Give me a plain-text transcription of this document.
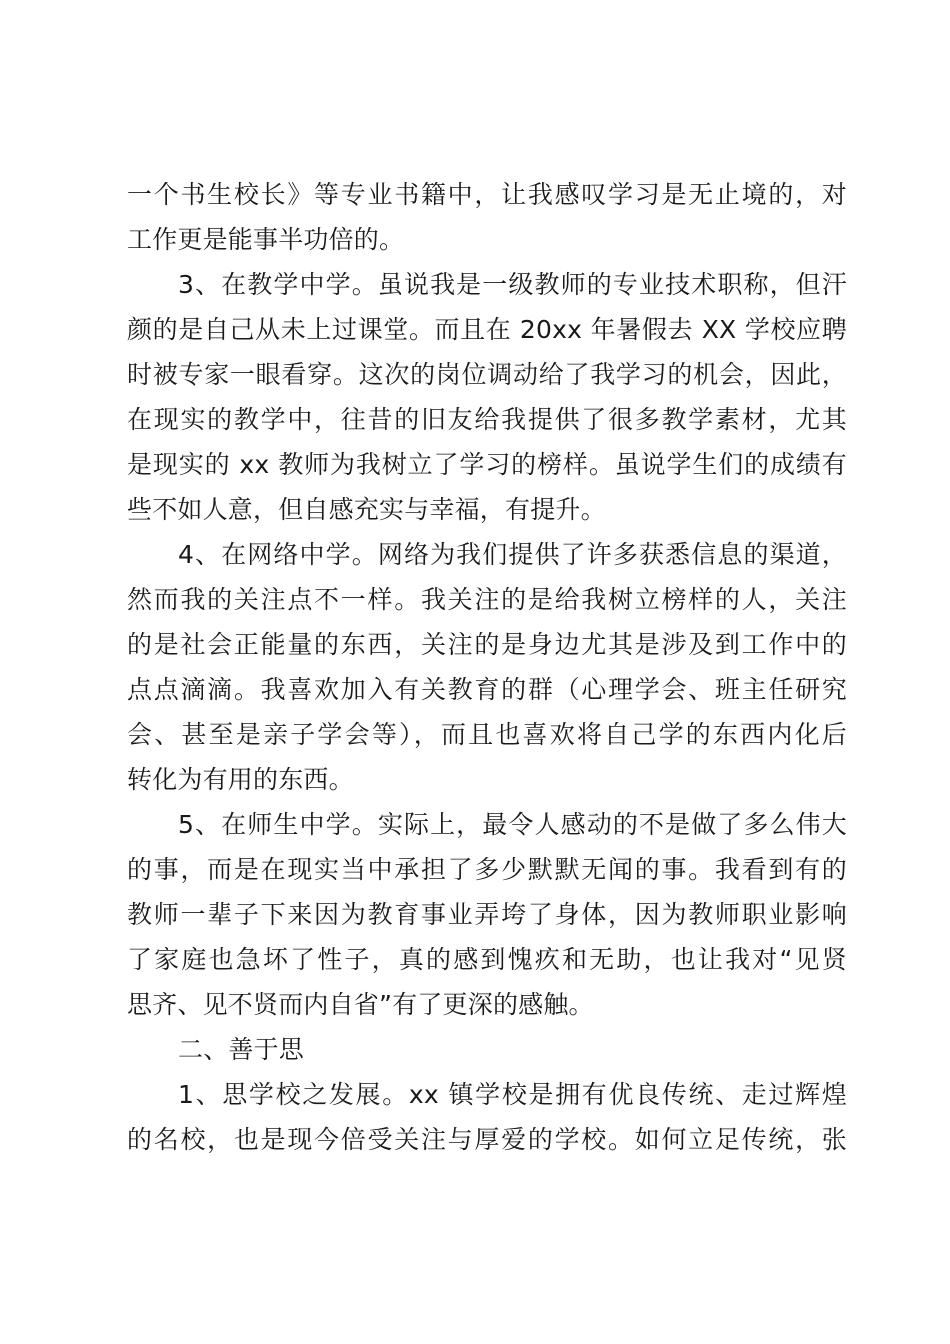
一个书生校长》等专业书籍中，让我感叹学习是无止境的，对
工作更是能事半功倍的。
3、在教学中学。虽说我是一级教师的专业技术职称，但汗
颜的是自己从未上过课堂。而且在 20xx 年暑假去 XX 学校应聘
时被专家一眼看穿。这次的岗位调动给了我学习的机会，因此，
在现实的教学中，往昔的旧友给我提供了很多教学素材，尤其
是现实的 xx 教师为我树立了学习的榜样。虽说学生们的成绩有
些不如人意，但自感充实与幸福，有提升。
4、在网络中学。网络为我们提供了许多获悉信息的渠道，
然而我的关注点不一样。我关注的是给我树立榜样的人，关注
的是社会正能量的东西，关注的是身边尤其是涉及到工作中的
点点滴滴。我喜欢加入有关教育的群（心理学会、班主任研究
会、甚至是亲子学会等），而且也喜欢将自己学的东西内化后
转化为有用的东西。
5、在师生中学。实际上，最令人感动的不是做了多么伟大
的事，而是在现实当中承担了多少默默无闻的事。我看到有的
教师一辈子下来因为教育事业弄垮了身体，因为教师职业影响
了家庭也急坏了性子，真的感到愧疚和无助，也让我对“见贤
思齐、见不贤而内自省”有了更深的感触。
二、善于思
1、思学校之发展。xx 镇学校是拥有优良传统、走过辉煌
的名校，也是现今倍受关注与厚爱的学校。如何立足传统，张
